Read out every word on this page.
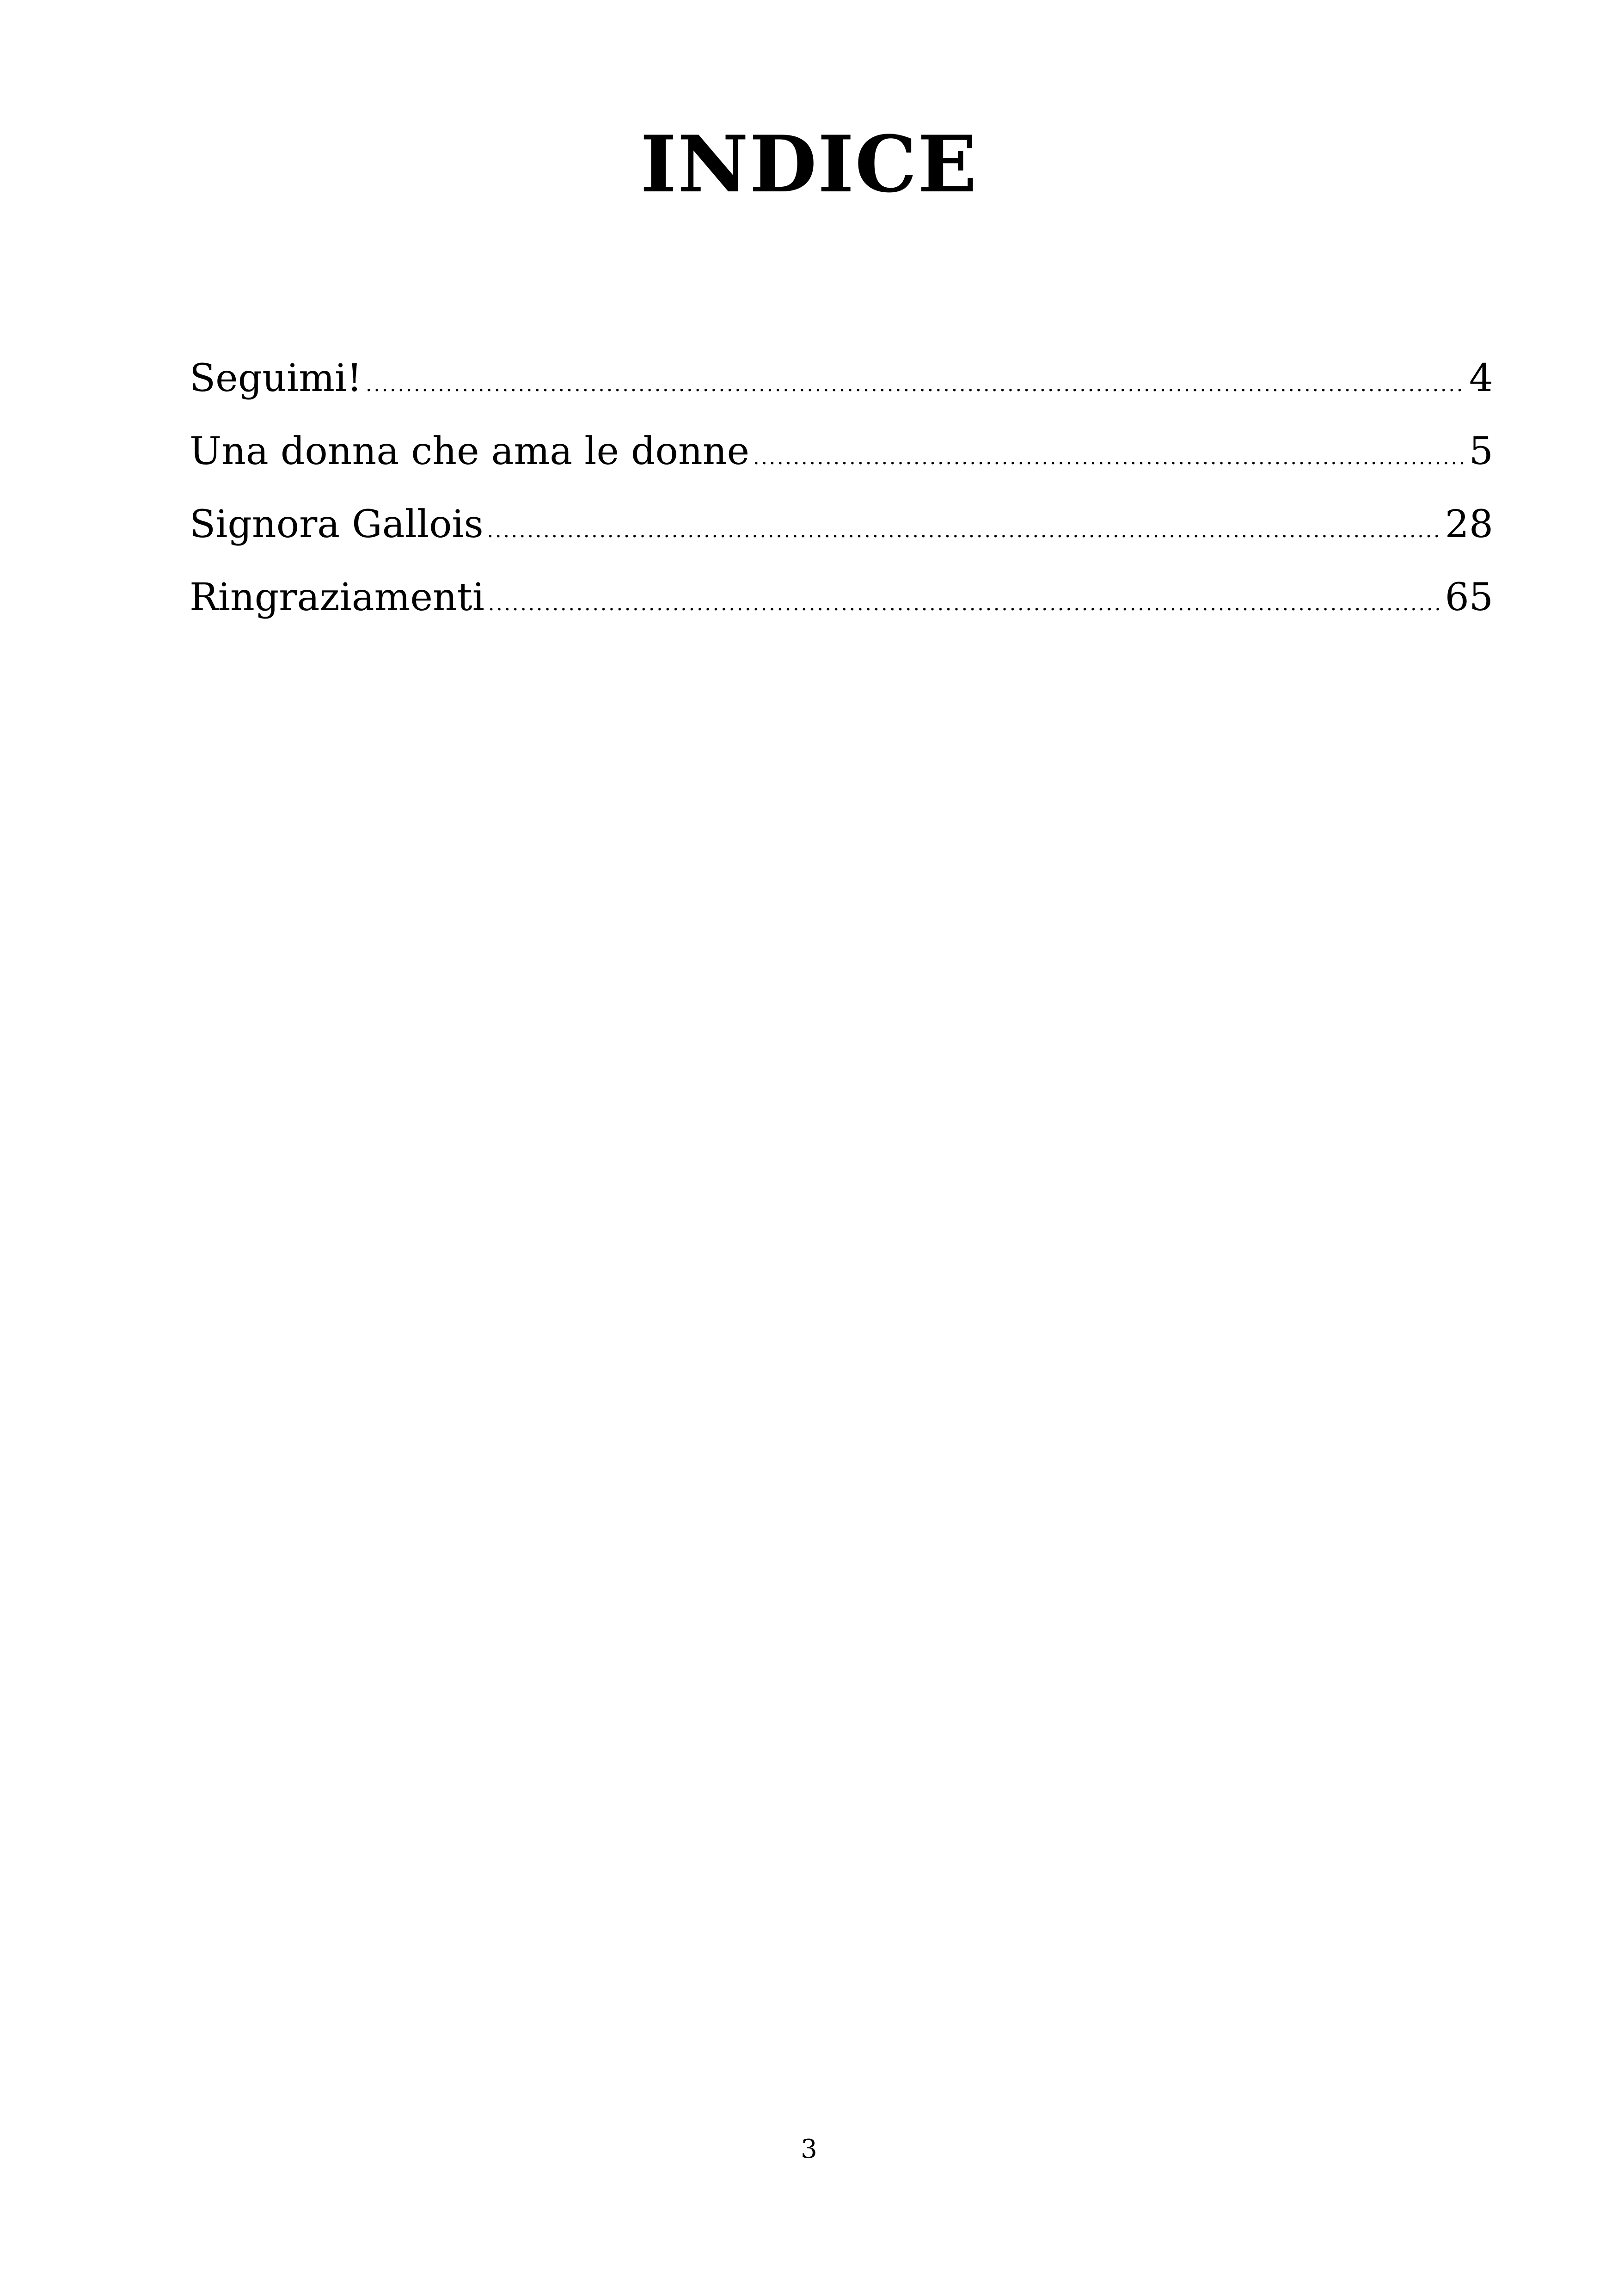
INDICE
Seguimi! .....	4
Una donna che ama le donne .....	5
Signora Gallois .....	28
Ringraziamenti .....	65
3
